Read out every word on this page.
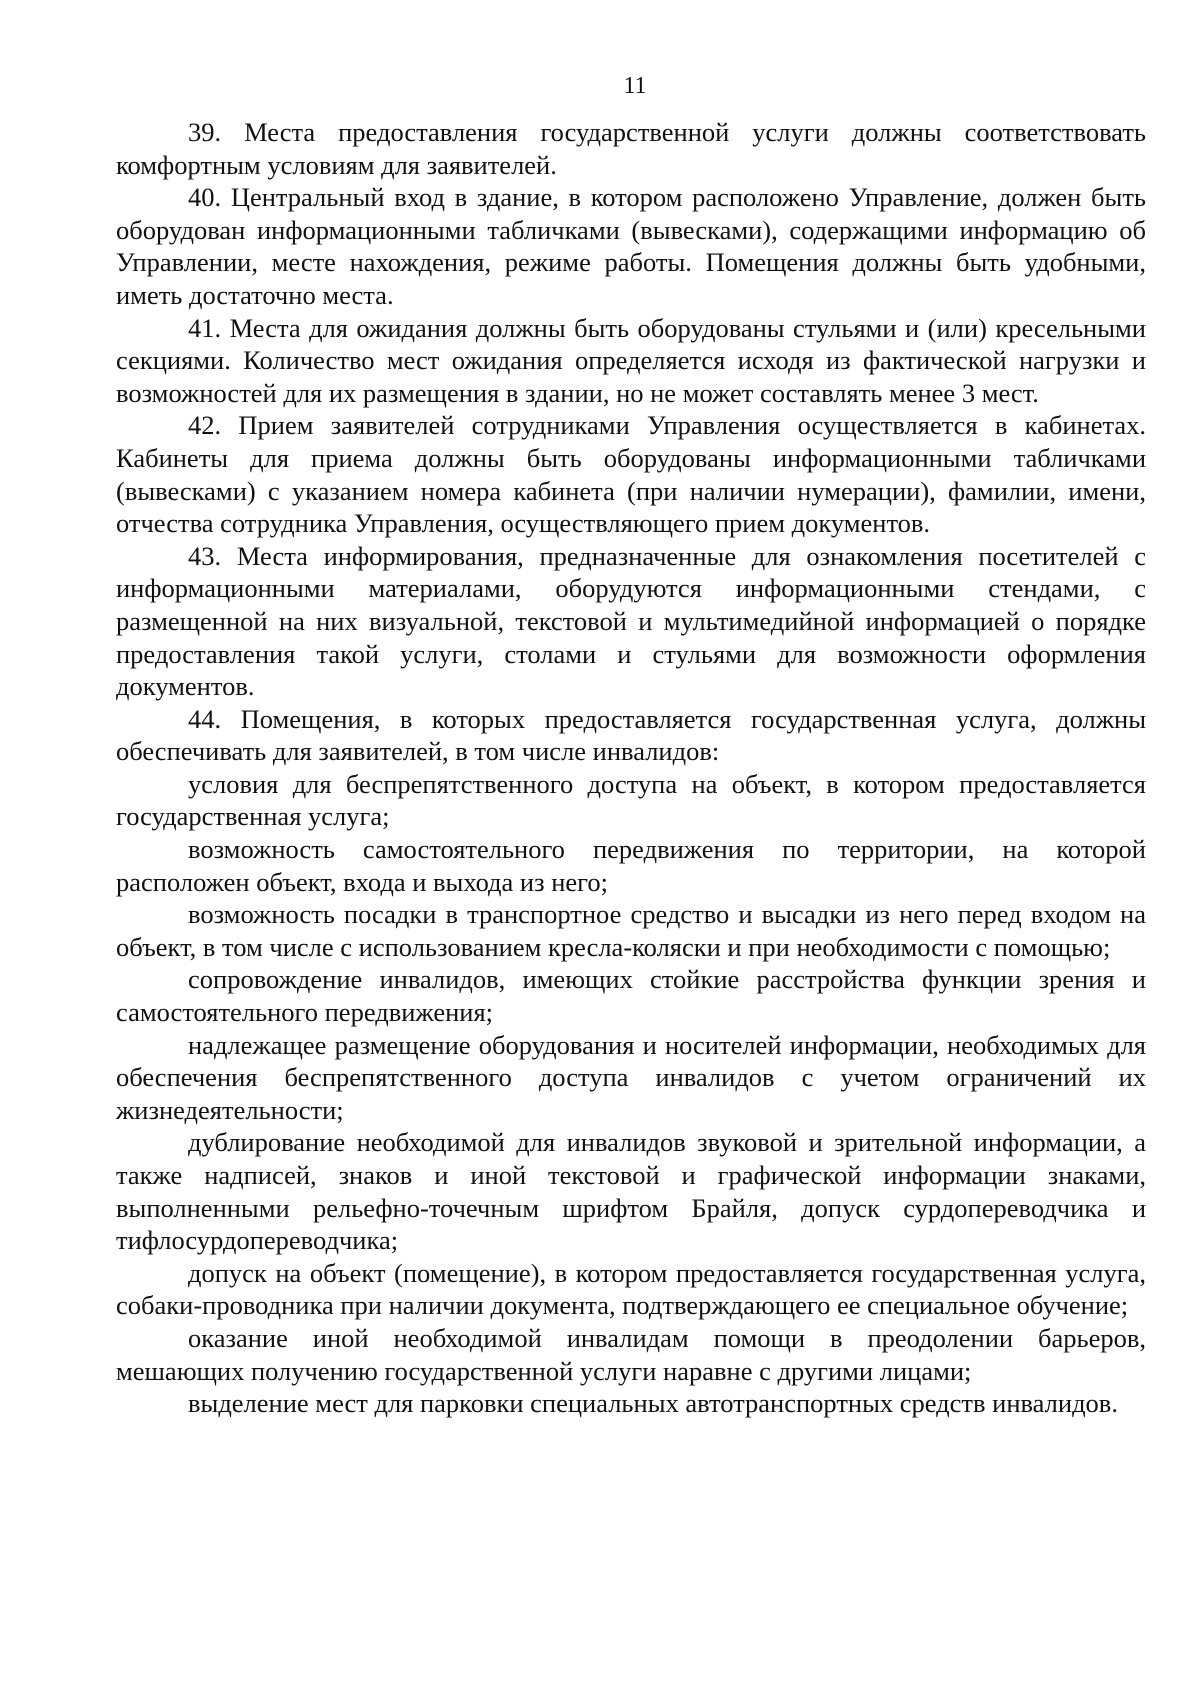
11

39. Места предоставления государственной услуги должны соответствовать комфортным условиям для заявителей.

40. Центральный вход в здание, в котором расположено Управление, должен быть оборудован информационными табличками (вывесками), содержащими информацию об Управлении, месте нахождения, режиме работы. Помещения должны быть удобными, иметь достаточно места.

41. Места для ожидания должны быть оборудованы стульями и (или) кресельными секциями. Количество мест ожидания определяется исходя из фактической нагрузки и возможностей для их размещения в здании, но не может составлять менее 3 мест.

42. Прием заявителей сотрудниками Управления осуществляется в кабинетах. Кабинеты для приема должны быть оборудованы информационными табличками (вывесками) с указанием номера кабинета (при наличии нумерации), фамилии, имени, отчества сотрудника Управления, осуществляющего прием документов.

43. Места информирования, предназначенные для ознакомления посетителей с информационными материалами, оборудуются информационными стендами, с размещенной на них визуальной, текстовой и мультимедийной информацией о порядке предоставления такой услуги, столами и стульями для возможности оформления документов.

44. Помещения, в которых предоставляется государственная услуга, должны обеспечивать для заявителей, в том числе инвалидов:

условия для беспрепятственного доступа на объект, в котором предоставляется государственная услуга;

возможность самостоятельного передвижения по территории, на которой расположен объект, входа и выхода из него;

возможность посадки в транспортное средство и высадки из него перед входом на объект, в том числе с использованием кресла-коляски и при необходимости с помощью;

сопровождение инвалидов, имеющих стойкие расстройства функции зрения и самостоятельного передвижения;

надлежащее размещение оборудования и носителей информации, необходимых для обеспечения беспрепятственного доступа инвалидов с учетом ограничений их жизнедеятельности;

дублирование необходимой для инвалидов звуковой и зрительной информации, а также надписей, знаков и иной текстовой и графической информации знаками, выполненными рельефно-точечным шрифтом Брайля, допуск сурдопереводчика и тифлосурдопереводчика;

допуск на объект (помещение), в котором предоставляется государственная услуга, собаки-проводника при наличии документа, подтверждающего ее специальное обучение;

оказание иной необходимой инвалидам помощи в преодолении барьеров, мешающих получению государственной услуги наравне с другими лицами;

выделение мест для парковки специальных автотранспортных средств инвалидов.
